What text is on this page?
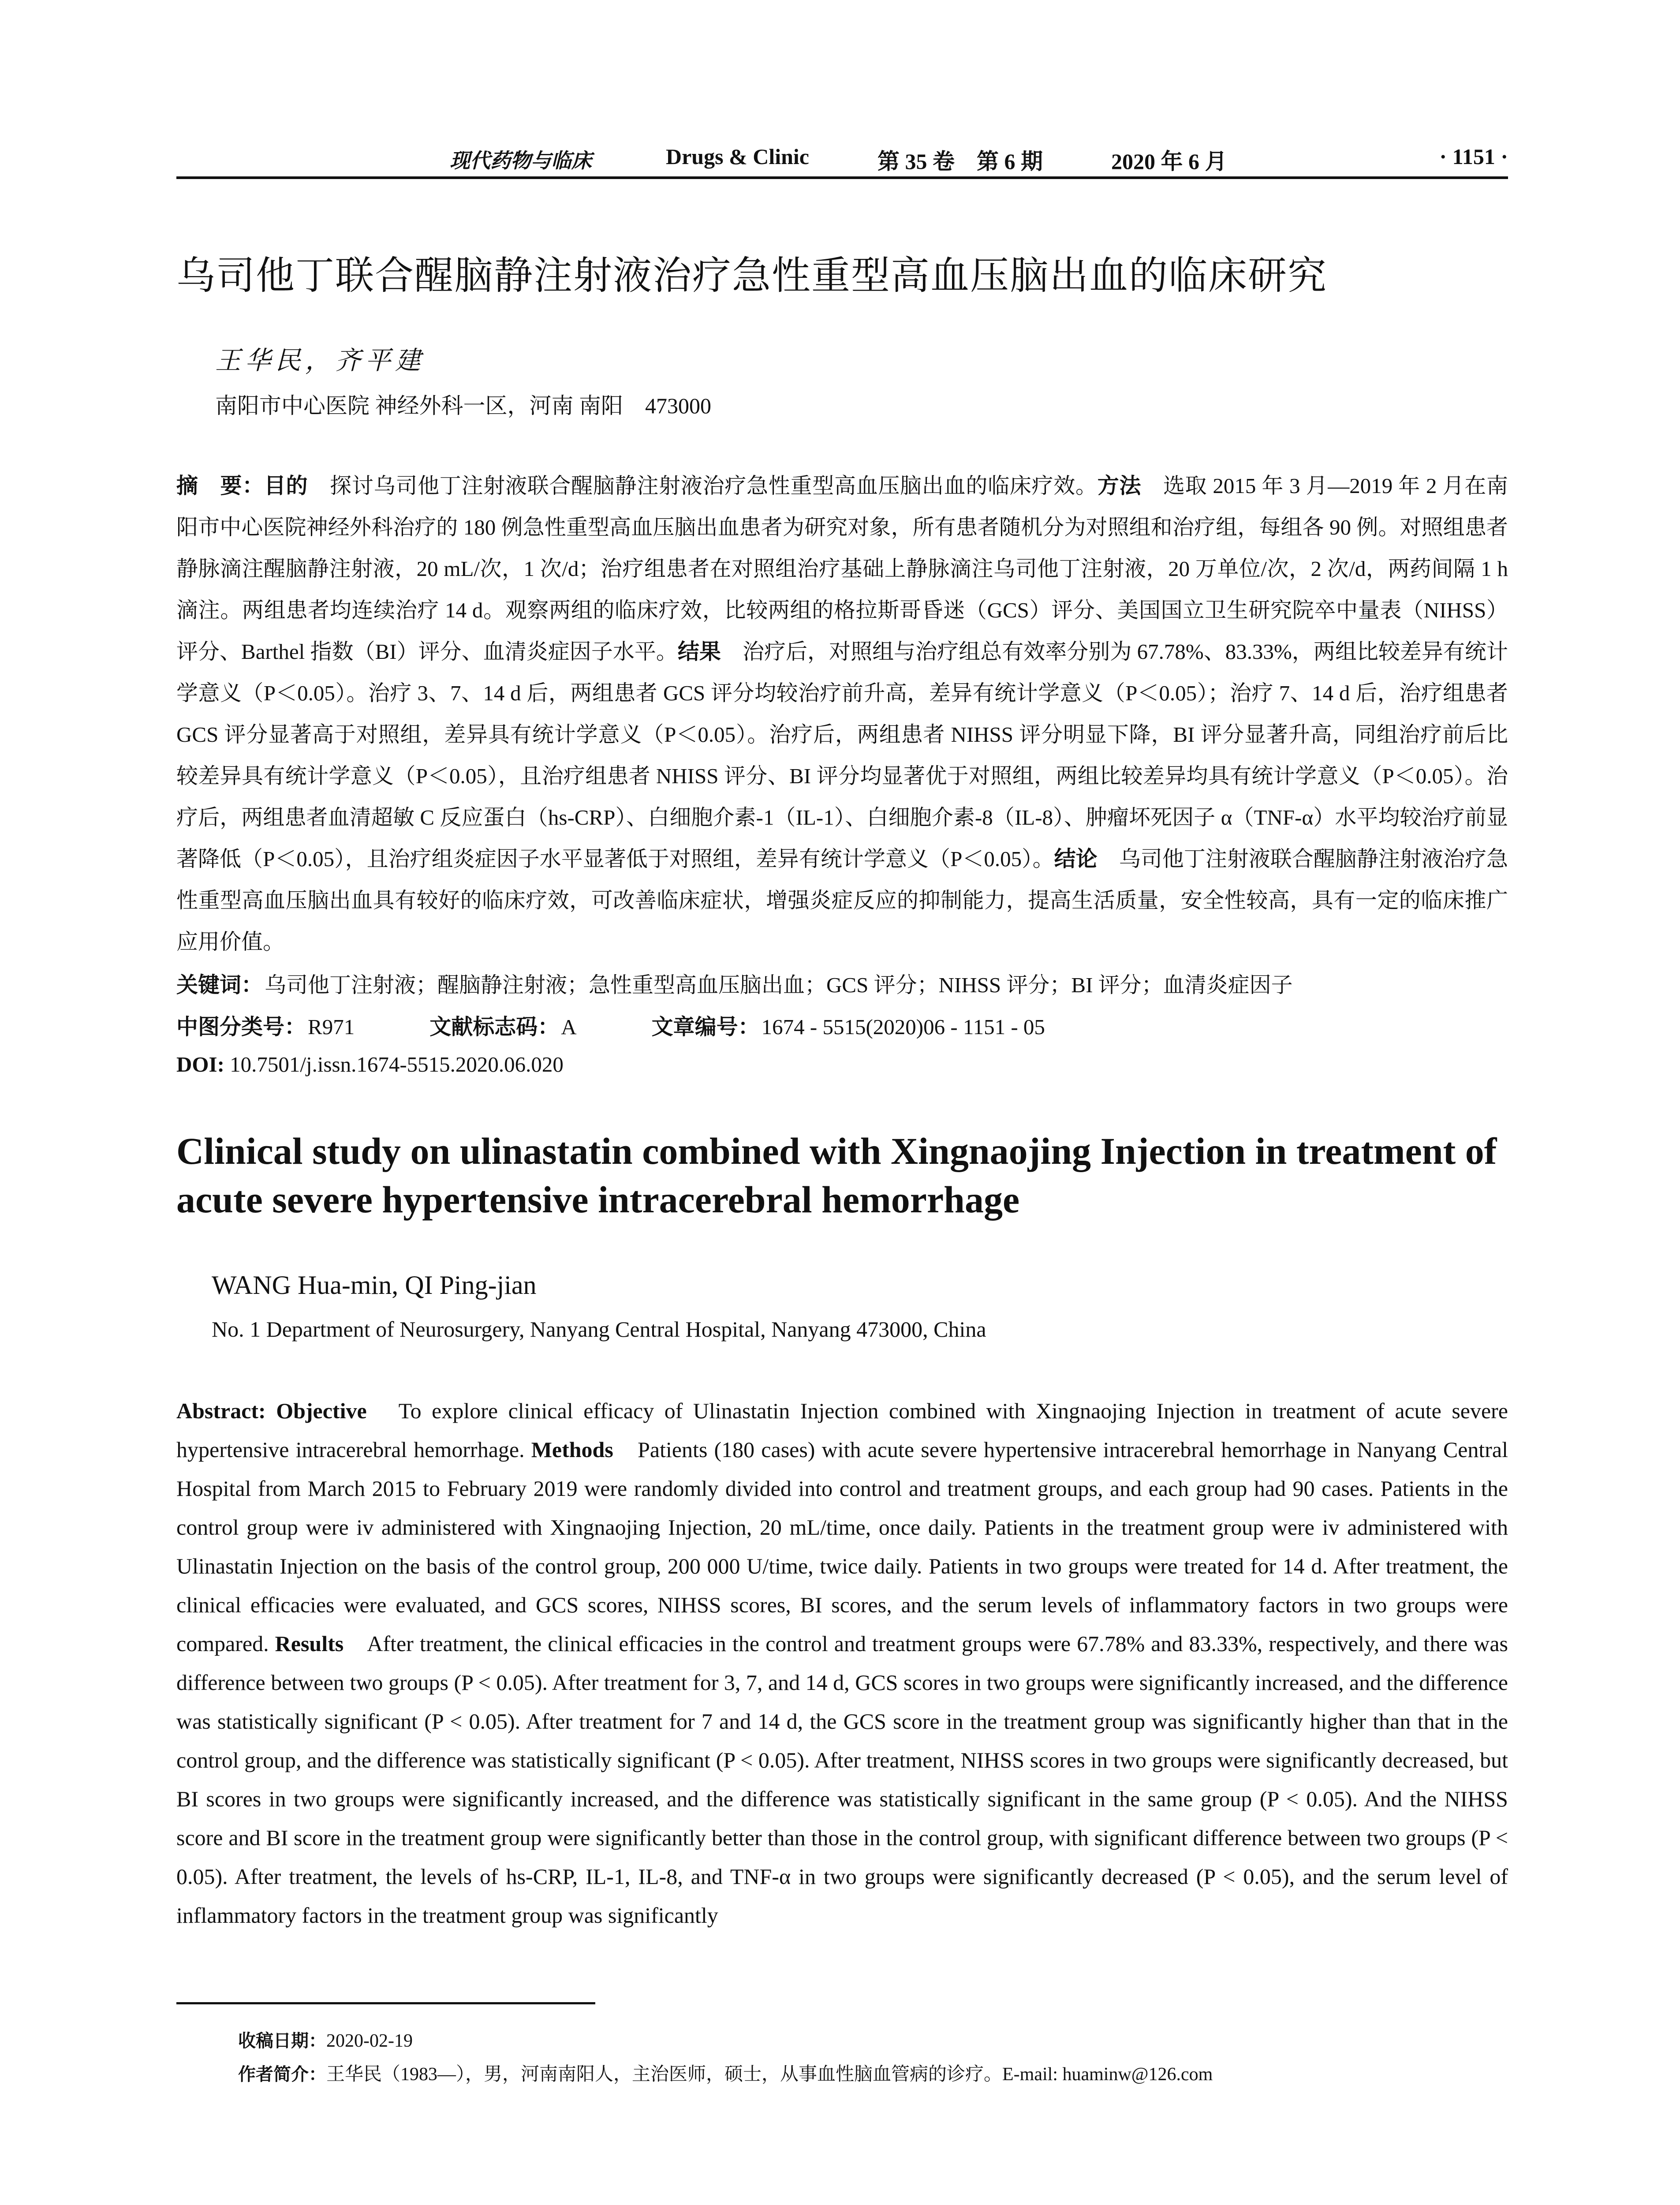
现代药物与临床	Drugs & Clinic	第 35 卷　第 6 期	2020 年 6 月	· 1151 ·
乌司他丁联合醒脑静注射液治疗急性重型高血压脑出血的临床研究
王华民，齐平建
南阳市中心医院 神经外科一区，河南 南阳　473000
摘　要：目的　探讨乌司他丁注射液联合醒脑静注射液治疗急性重型高血压脑出血的临床疗效。方法　选取 2015 年 3 月—2019 年 2 月在南阳市中心医院神经外科治疗的 180 例急性重型高血压脑出血患者为研究对象，所有患者随机分为对照组和治疗组，每组各 90 例。对照组患者静脉滴注醒脑静注射液，20 mL/次，1 次/d；治疗组患者在对照组治疗基础上静脉滴注乌司他丁注射液，20 万单位/次，2 次/d，两药间隔 1 h 滴注。两组患者均连续治疗 14 d。观察两组的临床疗效，比较两组的格拉斯哥昏迷（GCS）评分、美国国立卫生研究院卒中量表（NIHSS）评分、Barthel 指数（BI）评分、血清炎症因子水平。结果　治疗后，对照组与治疗组总有效率分别为 67.78%、83.33%，两组比较差异有统计学意义（P＜0.05）。治疗 3、7、14 d 后，两组患者 GCS 评分均较治疗前升高，差异有统计学意义（P＜0.05）；治疗 7、14 d 后，治疗组患者 GCS 评分显著高于对照组，差异具有统计学意义（P＜0.05）。治疗后，两组患者 NIHSS 评分明显下降，BI 评分显著升高，同组治疗前后比较差异具有统计学意义（P＜0.05），且治疗组患者 NHISS 评分、BI 评分均显著优于对照组，两组比较差异均具有统计学意义（P＜0.05）。治疗后，两组患者血清超敏 C 反应蛋白（hs-CRP）、白细胞介素-1（IL-1）、白细胞介素-8（IL-8）、肿瘤坏死因子 α（TNF-α）水平均较治疗前显著降低（P＜0.05），且治疗组炎症因子水平显著低于对照组，差异有统计学意义（P＜0.05）。结论　乌司他丁注射液联合醒脑静注射液治疗急性重型高血压脑出血具有较好的临床疗效，可改善临床症状，增强炎症反应的抑制能力，提高生活质量，安全性较高，具有一定的临床推广应用价值。
关键词：乌司他丁注射液；醒脑静注射液；急性重型高血压脑出血；GCS 评分；NIHSS 评分；BI 评分；血清炎症因子
中图分类号：R971	文献标志码：A	文章编号：1674 - 5515(2020)06 - 1151 - 05
DOI: 10.7501/j.issn.1674-5515.2020.06.020
Clinical study on ulinastatin combined with Xingnaojing Injection in treatment of acute severe hypertensive intracerebral hemorrhage
WANG Hua-min, QI Ping-jian
No. 1 Department of Neurosurgery, Nanyang Central Hospital, Nanyang 473000, China
Abstract: Objective　To explore clinical efficacy of Ulinastatin Injection combined with Xingnaojing Injection in treatment of acute severe hypertensive intracerebral hemorrhage. Methods　Patients (180 cases) with acute severe hypertensive intracerebral hemorrhage in Nanyang Central Hospital from March 2015 to February 2019 were randomly divided into control and treatment groups, and each group had 90 cases. Patients in the control group were iv administered with Xingnaojing Injection, 20 mL/time, once daily. Patients in the treatment group were iv administered with Ulinastatin Injection on the basis of the control group, 200 000 U/time, twice daily. Patients in two groups were treated for 14 d. After treatment, the clinical efficacies were evaluated, and GCS scores, NIHSS scores, BI scores, and the serum levels of inflammatory factors in two groups were compared. Results　After treatment, the clinical efficacies in the control and treatment groups were 67.78% and 83.33%, respectively, and there was difference between two groups (P < 0.05). After treatment for 3, 7, and 14 d, GCS scores in two groups were significantly increased, and the difference was statistically significant (P < 0.05). After treatment for 7 and 14 d, the GCS score in the treatment group was significantly higher than that in the control group, and the difference was statistically significant (P < 0.05). After treatment, NIHSS scores in two groups were significantly decreased, but BI scores in two groups were significantly increased, and the difference was statistically significant in the same group (P < 0.05). And the NIHSS score and BI score in the treatment group were significantly better than those in the control group, with significant difference between two groups (P < 0.05). After treatment, the levels of hs-CRP, IL-1, IL-8, and TNF-α in two groups were significantly decreased (P < 0.05), and the serum level of inflammatory factors in the treatment group was significantly
收稿日期：2020-02-19
作者简介：王华民（1983—），男，河南南阳人，主治医师，硕士，从事血性脑血管病的诊疗。E-mail: huaminw@126.com
